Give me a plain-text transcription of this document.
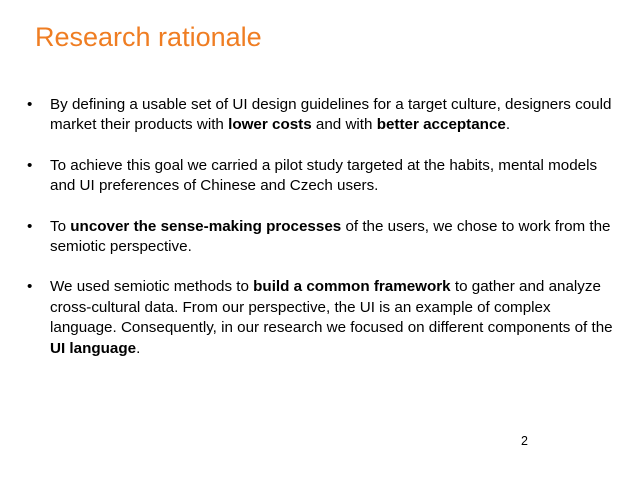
Research rationale
• By defining a usable set of UI design guidelines for a target culture, designers could market their products with lower costs and with better acceptance.
• To achieve this goal we carried a pilot study targeted at the habits, mental models and UI preferences of Chinese and Czech users.
• To uncover the sense-making processes of the users, we chose to work from the semiotic perspective.
• We used semiotic methods to build a common framework to gather and analyze cross-cultural data. From our perspective, the UI is an example of complex language. Consequently, in our research we focused on different components of the UI language.
2
